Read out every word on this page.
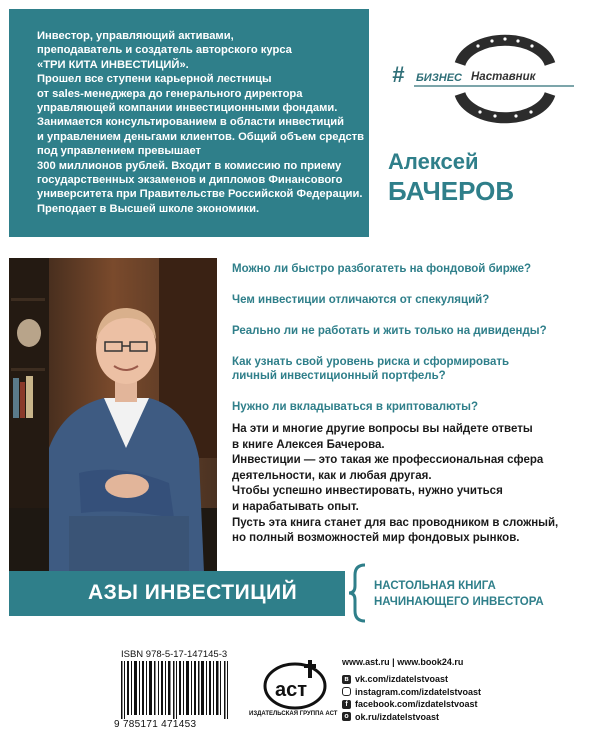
Инвестор, управляющий активами,
преподаватель и создатель авторского курса
«ТРИ КИТА ИНВЕСТИЦИЙ».
Прошел все ступени карьерной лестницы
от sales-менеджера до генерального директора
управляющей компании инвестиционными фондами.
Занимается консультированием в области инвестиций
и управлением деньгами клиентов. Общий объем средств
под управлением превышает
300 миллионов рублей. Входит в комиссию по приему
государственных экзаменов и дипломов Финансового
университета при Правительстве Российской Федерации.
Преподает в Высшей школе экономики.
# БИЗНЕС Наставник
Алексей
БАЧЕРОВ
Можно ли быстро разбогатеть на фондовой бирже?
Чем инвестиции отличаются от спекуляций?
Реально ли не работать и жить только на дивиденды?
Как узнать свой уровень риска и сформировать
личный инвестиционный портфель?
Нужно ли вкладываться в криптовалюты?
На эти и многие другие вопросы вы найдете ответы
в книге Алексея Бачерова.
Инвестиции — это такая же профессиональная сфера
деятельности, как и любая другая.
Чтобы успешно инвестировать, нужно учиться
и нарабатывать опыт.
Пусть эта книга станет для вас проводником в сложный,
но полный возможностей мир фондовых рынков.
АЗЫ ИНВЕСТИЦИЙ	НАСТОЛЬНАЯ КНИГА
НАЧИНАЮЩЕГО ИНВЕСТОРА
ISBN 978-5-17-147145-3
9 785171 471453
аст
ИЗДАТЕЛЬСКАЯ ГРУППА АСТ
www.ast.ru | www.book24.ru
в vk.com/izdatelstvoast
instagram.com/izdatelstvoast
f facebook.com/izdatelstvoast
о ok.ru/izdatelstvoast
